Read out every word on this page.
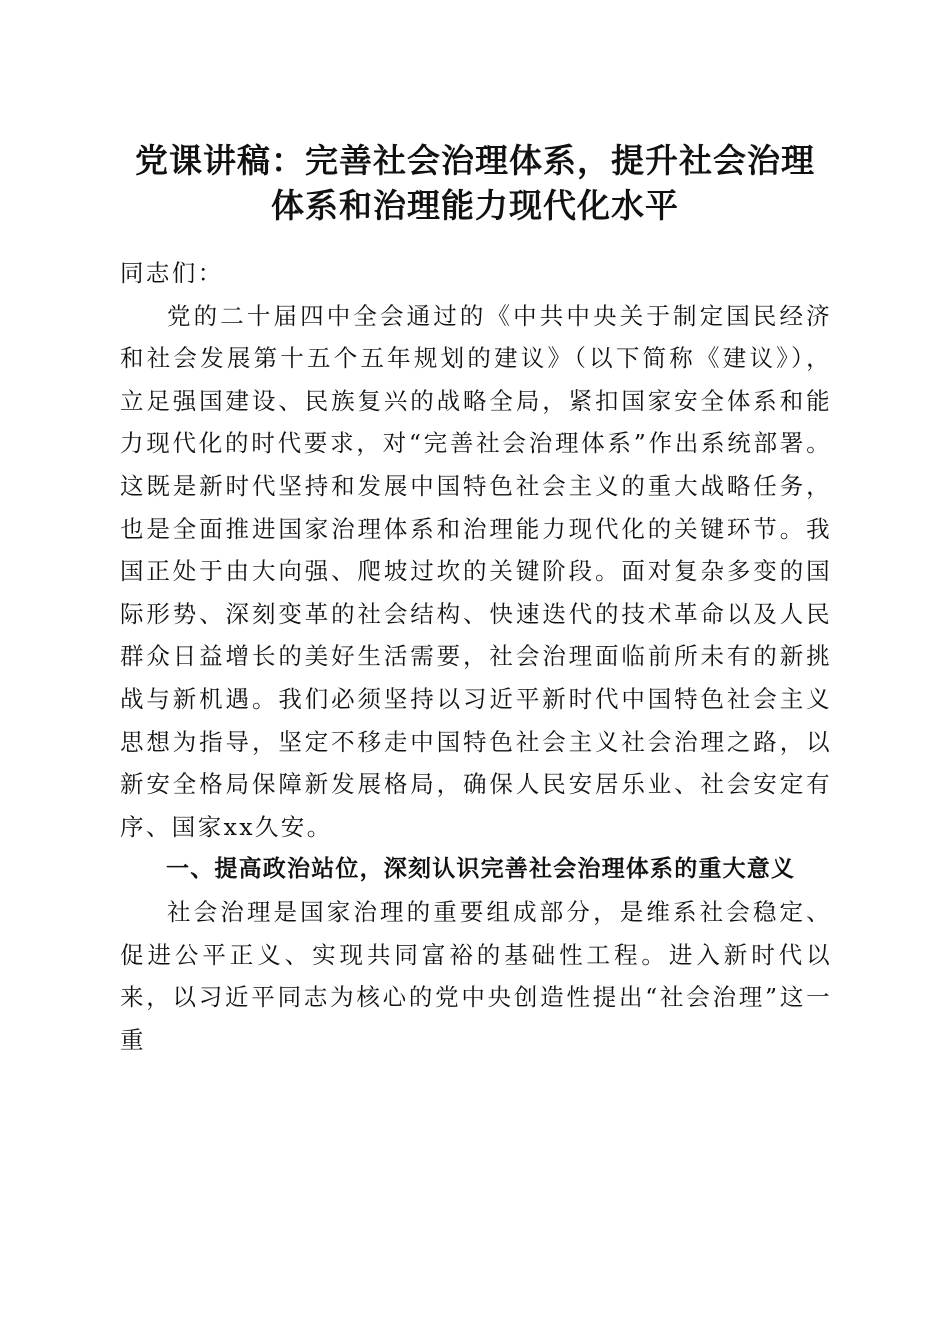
党课讲稿：完善社会治理体系，提升社会治理
体系和治理能力现代化水平

同志们：

党的二十届四中全会通过的《中共中央关于制定国民经济和社会发展第十五个五年规划的建议》（以下简称《建议》），立足强国建设、民族复兴的战略全局，紧扣国家安全体系和能力现代化的时代要求，对“完善社会治理体系”作出系统部署。这既是新时代坚持和发展中国特色社会主义的重大战略任务，也是全面推进国家治理体系和治理能力现代化的关键环节。我国正处于由大向强、爬坡过坎的关键阶段。面对复杂多变的国际形势、深刻变革的社会结构、快速迭代的技术革命以及人民群众日益增长的美好生活需要，社会治理面临前所未有的新挑战与新机遇。我们必须坚持以习近平新时代中国特色社会主义思想为指导，坚定不移走中国特色社会主义社会治理之路，以新安全格局保障新发展格局，确保人民安居乐业、社会安定有序、国家xx久安。

一、提高政治站位，深刻认识完善社会治理体系的重大意义

社会治理是国家治理的重要组成部分，是维系社会稳定、促进公平正义、实现共同富裕的基础性工程。进入新时代以来，以习近平同志为核心的党中央创造性提出“社会治理”这一重
